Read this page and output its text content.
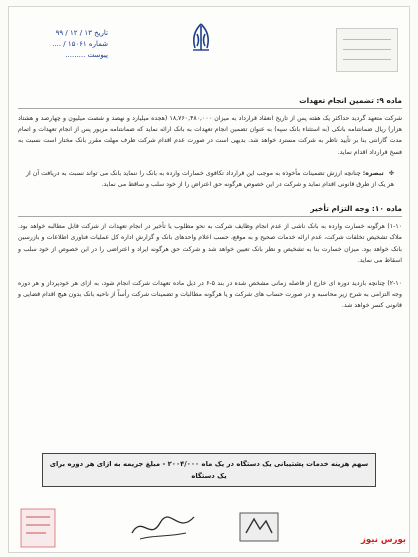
تاریخ ۱۳ / ۱۲ / ۹۹
شماره ۱۵۰۶۱ / ....
پیوست .........
ماده ۹: تضمین انجام تعهدات

شرکت متعهد گردید حداکثر یک هفته پس از تاریخ انعقاد قرارداد به میزان ۱۸,۷۶۰,۴۸۰,۰۰۰ (هجده میلیارد و نهصد و شصت میلیون و چهارصد و هشتاد هزار) ریال ضمانتنامه بانکی (به استثناء بانک سپه) به عنوان تضمین انجام تعهدات به بانک ارائه نماید که ضمانتنامه مزبور پس از انجام تعهدات و اتمام مدت گارانتی بنا بر تأیید ناظر به شرکت مسترد خواهد شد. بدیهی است در صورت عدم اقدام شرکت ظرف مهلت مقرر بانک مختار است نسبت به فسخ قرارداد اقدام نماید.

✤ تبصره: چنانچه ارزش تضمینات مأخوذه به موجب این قرارداد تکافوی خسارات وارده به بانک را ننماید بانک می تواند نسبت به دریافت آن از هر یک از طرق قانونی اقدام نماید و شرکت در این خصوص هرگونه حق اعتراض را از خود سلب و ساقط می نماید.
ماده ۱۰: وجه التزام تأخیر

۱-۱۰) هرگونه خسارت وارده به بانک ناشی از عدم انجام وظایف شرکت به نحو مطلوب یا تأخیر در انجام تعهدات از شرکت قابل مطالبه خواهد بود. ملاک تشخیص تخلفات شرکت، عدم ارائه خدمات صحیح و به موقع، حسب اعلام واحدهای بانک و گزارش اداره کل عملیات فناوری اطلاعات و بازرسین بانک خواهد بود. میزان خسارت بنا به تشخیص و نظر بانک تعیین خواهد شد و شرکت حق هرگونه ایراد و اعتراضی را در این خصوص از خود سلب و اسقاط می نماید.

۲-۱۰) چنانچه بازدید دوره ای خارج از فاصله زمانی مشخص شده در بند ۵-۶ در ذیل ماده تعهدات شرکت انجام شود، به ازای هر خودپرداز و هر دوره وجه التزامی به شرح زیر محاسبه و در صورت حساب های شرکت و یا هرگونه مطالبات و تضمینات شرکت رأساً از ناحیه بانک بدون هیچ اقدام قضایی و قانونی کسر خواهد شد.

سهم هزینه خدمات پشتیبانی یک دستگاه در یک ماه ۲۰۰۴/۰۰۰ - مبلغ جریمه به ازای هر دوره برای
یک دستگاه
بورس نیوز
